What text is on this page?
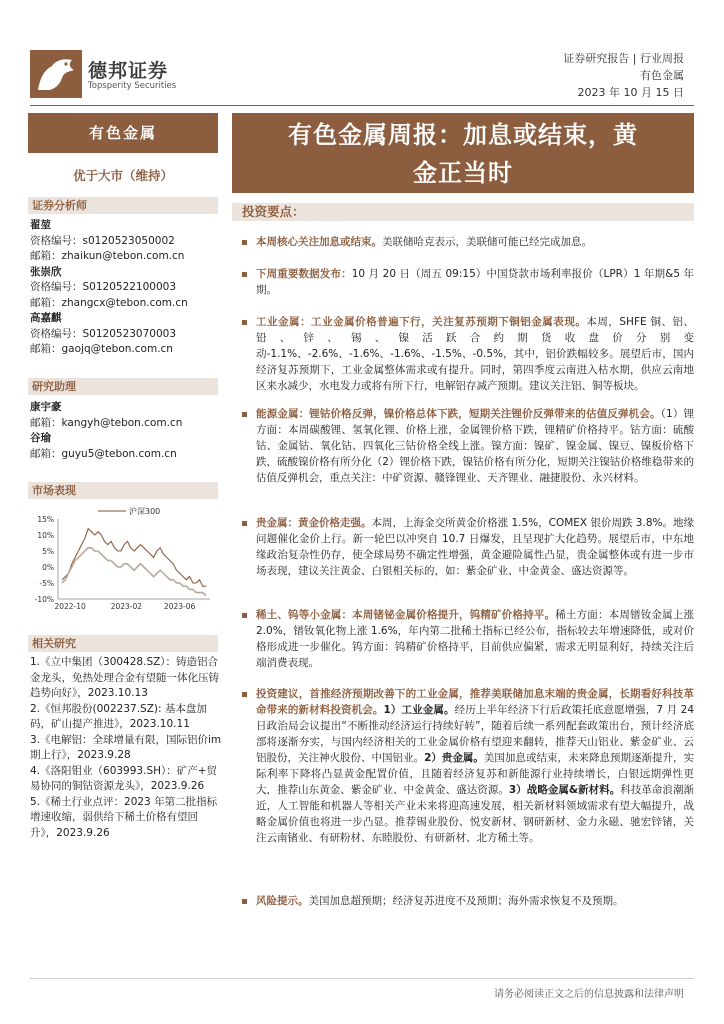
德邦证券
Topsperity Securities
证券研究报告 | 行业周报
有色金属
2023 年 10 月 15 日
有色金属
优于大市（维持）
证券分析师
翟堃
资格编号：s0120523050002
邮箱：zhaikun@tebon.com.cn
张崇欣
资格编号：S0120522100003
邮箱：zhangcx@tebon.com.cn
高嘉麒
资格编号：S0120523070003
邮箱：gaojq@tebon.com.cn
研究助理
康宇豪
邮箱：kangyh@tebon.com.cn
谷瑜
邮箱：guyu5@tebon.com.cn
市场表现
15%
10%
5%
0%
-5%
-10%
2022-10	2023-02	2023-06
沪深300
相关研究
1.《立中集团（300428.SZ）：铸造铝合金龙头，免热处理合金有望随一体化压铸趋势向好》，2023.10.13
2.《恒邦股份(002237.SZ): 基本盘加码，矿山提产推进》，2023.10.11
3.《电解铝：全球增量有限，国际铝价im期上行》，2023.9.28
4.《洛阳钼业（603993.SH）：矿产+贸易协同的铜钴资源龙头》，2023.9.26
5.《稀土行业点评：2023 年第二批指标增速收缩，弱供给下稀土价格有望回升》，2023.9.26
有色金属周报：加息或结束，黄
金正当时
投资要点：
本周核心关注加息或结束。美联储哈克表示，美联储可能已经完成加息。
下周重要数据发布：10 月 20 日（周五 09:15）中国贷款市场利率报价（LPR）1 年期&5 年期。
工业金属：工业金属价格普遍下行，关注复苏预期下铜铝金属表现。本周，SHFE 铜、铝、铅、锌、锡、镍活跃合约期货收盘价分别变动-1.1%、-2.6%、-1.6%、-1.6%、-1.5%、-0.5%，其中，铝价跌幅较多。展望后市，国内经济复苏预期下，工业金属整体需求或有提升。同时，第四季度云南进入枯水期，供应云南地区来水减少，水电发力或将有所下行，电解铝存减产预期。建议关注铝、铜等板块。
能源金属：锂钴价格反弹，镍价格总体下跌，短期关注锂价反弹带来的估值反弹机会。（1）锂方面：本周碳酸锂、氢氧化锂、价格上涨，金属锂价格下跌，锂精矿价格持平。钴方面：硫酸钴、金属钴、氧化钴、四氧化三钴价格全线上涨。镍方面：镍矿、镍金属、镍豆、镍板价格下跌，硫酸镍价格有所分化（2）锂价格下跌，镍钴价格有所分化，短期关注镍钴价格维稳带来的估值反弹机会，重点关注：中矿资源、赣锋锂业、天齐锂业、融捷股份、永兴材料。
贵金属：黄金价格走强。本周，上海金交所黄金价格涨 1.5%，COMEX 银价周跌 3.8%。地缘问题催化金价上行。新一轮巴以冲突自 10.7 日爆发，且呈现扩大化趋势。展望后市，中东地缘政治复杂性仍存，使全球局势不确定性增强，黄金避险属性凸显，贵金属整体或有进一步市场表现，建议关注黄金、白银相关标的，如：紫金矿业、中金黄金、盛达资源等。
稀土、钨等小金属：本周锗铋金属价格提升，钨精矿价格持平。稀土方面：本周镨钕金属上涨 2.0%，镨钕氧化物上涨 1.6%，年内第二批稀土指标已经公布，指标较去年增速降低，或对价格形成进一步催化。钨方面：钨精矿价格持平，目前供应偏紧，需求无明显利好，持续关注后端消费表现。
投资建议，首推经济预期改善下的工业金属，推荐美联储加息末端的贵金属，长期看好科技革命带来的新材料投资机会。1）工业金属。经历上半年经济下行后政策托底意愿增强，7 月 24 日政治局会议提出“不断推动经济运行持续好转”，随着后续一系列配套政策出台，预计经济底部将逐渐夯实，与国内经济相关的工业金属价格有望迎来翻转，推荐天山铝业、紫金矿业、云铝股份，关注神火股份、中国铝业。2）贵金属。美国加息或结束，未来降息预期逐渐提升，实际利率下降将凸显黄金配置价值，且随着经济复苏和新能源行业持续增长，白银远期弹性更大，推荐山东黄金、紫金矿业、中金黄金、盛达资源。3）战略金属&新材料。科技革命浪潮渐近，人工智能和机器人等相关产业未来将迎高速发展，相关新材料领域需求有望大幅提升，战略金属价值也将进一步凸显。推荐锡业股份、悦安新材、钢研新材、金力永磁、驰宏锌锗，关注云南锗业、有研粉材、东睦股份、有研新材、北方稀土等。
风险提示。美国加息超预期；经济复苏进度不及预期；海外需求恢复不及预期。
请务必阅读正文之后的信息披露和法律声明
